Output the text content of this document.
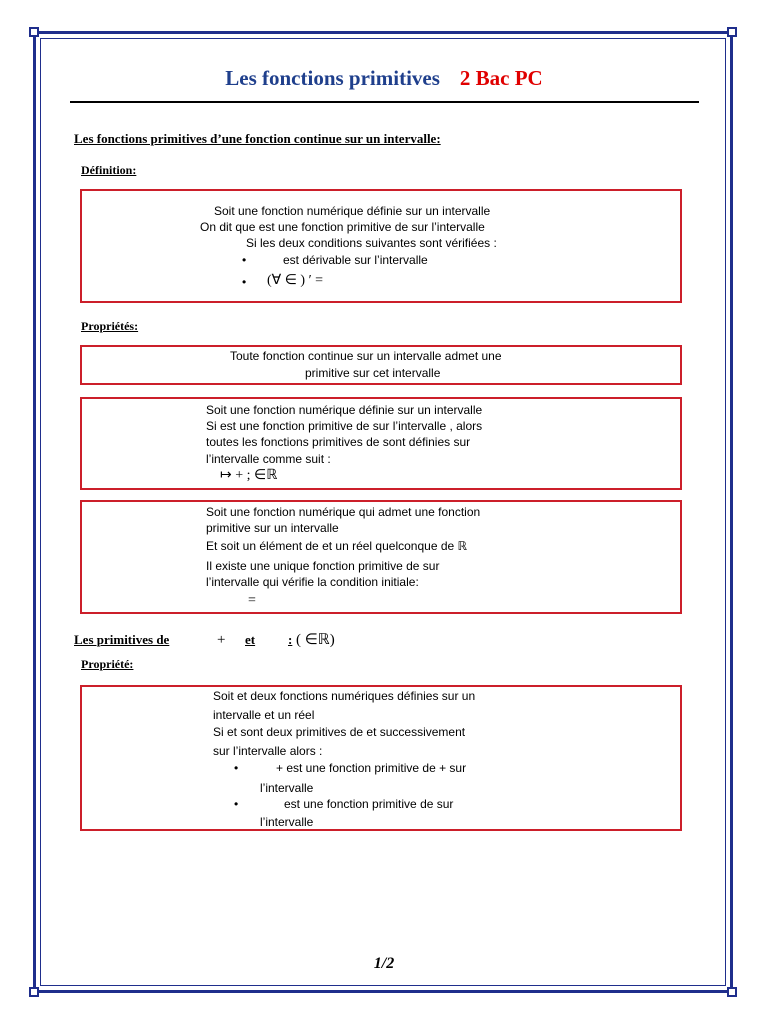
Les fonctions primitives 2 Bac PC
Les fonctions primitives d’une fonction continue sur un intervalle:
Définition:
Soit une fonction numérique définie sur un intervalle
On dit que est une fonction primitive de sur l’intervalle
Si les deux conditions suivantes sont vérifiées :
•	est dérivable sur l’intervalle
• (∀ ∈ ) ′ =
Propriétés:
Toute fonction continue sur un intervalle admet une
primitive sur cet intervalle
Soit une fonction numérique définie sur un intervalle
Si est une fonction primitive de sur l’intervalle , alors
toutes les fonctions primitives de sont définies sur
l’intervalle comme suit :
↦ + ; ∈ℝ
Soit une fonction numérique qui admet une fonction
primitive sur un intervalle
Et soit un élément de et un réel quelconque de ℝ
Il existe une unique fonction primitive de sur
l’intervalle qui vérifie la condition initiale:
=
Les primitives de	+ et	: ( ∈ℝ)
Propriété:
Soit et deux fonctions numériques définies sur un
intervalle et un réel
Si et sont deux primitives de et successivement
sur l’intervalle alors :
•	+ est une fonction primitive de + sur
l’intervalle
•	est une fonction primitive de sur
l’intervalle
1/2
